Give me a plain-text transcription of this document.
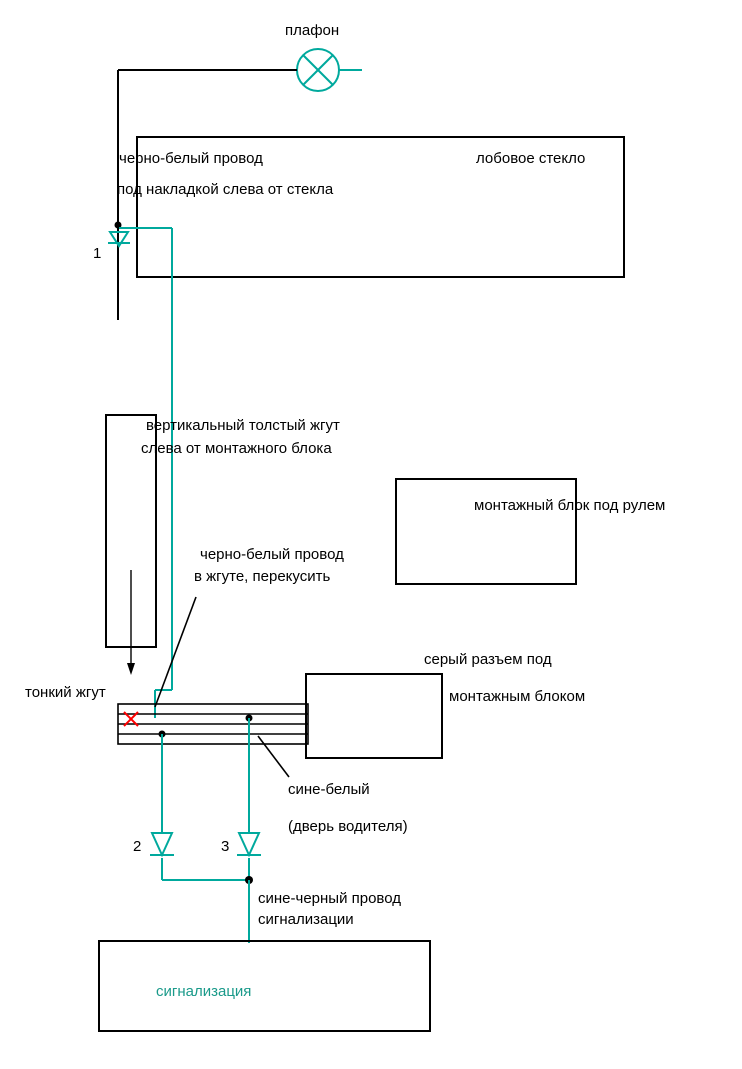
плафон
черно-белый провод
под накладкой слева от стекла
лобовое стекло
1
вертикальный толстый жгут
слева от монтажного блока
монтажный блок под рулем
черно-белый провод
в жгуте, перекусить
тонкий жгут
серый разъем под
монтажным блоком
сине-белый
(дверь водителя)
2	3
сине-черный провод
сигнализации
сигнализация
